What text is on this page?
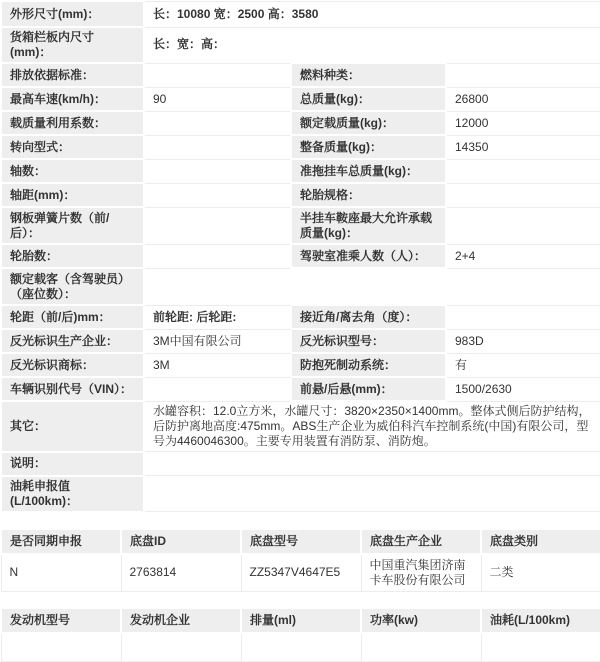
外形尺寸(mm)：	长：10080 宽：2500 高：3580		
货箱栏板内尺寸(mm)：	长：宽：高：		
排放依据标准：		燃料种类：	
最高车速(km/h)：	90	总质量(kg)：	26800
载质量利用系数：		额定载质量(kg)：	12000
转向型式：		整备质量(kg)：	14350
轴数：		准拖挂车总质量(kg)：	
轴距(mm)：		轮胎规格：	
钢板弹簧片数（前/后）：		半挂车鞍座最大允许承载质量(kg)：	
轮胎数：		驾驶室准乘人数（人）：	2+4
额定载客（含驾驶员）（座位数）：			
轮距（前/后)mm：	前轮距: 后轮距:	接近角/离去角（度）：	
反光标识生产企业：	3M中国有限公司	反光标识型号：	983D
反光标识商标：	3M	防抱死制动系统：	有
车辆识别代号（VIN）：		前悬/后悬(mm)：	1500/2630
其它：	水罐容积：12.0立方米，水罐尺寸：3820×2350×1400mm。整体式侧后防护结构，后防护离地高度:475mm。ABS生产企业为威伯科汽车控制系统(中国)有限公司，型号为4460046300。主要专用装置有消防泵、消防炮。		
说明：			
油耗申报值(L/100km)：			
是否同期申报	底盘ID	底盘型号	底盘生产企业	底盘类别
N	2763814	ZZ5347V4647E5	中国重汽集团济南卡车股份有限公司	二类
发动机型号	发动机企业	排量(ml)	功率(kw)	油耗(L/100km)
